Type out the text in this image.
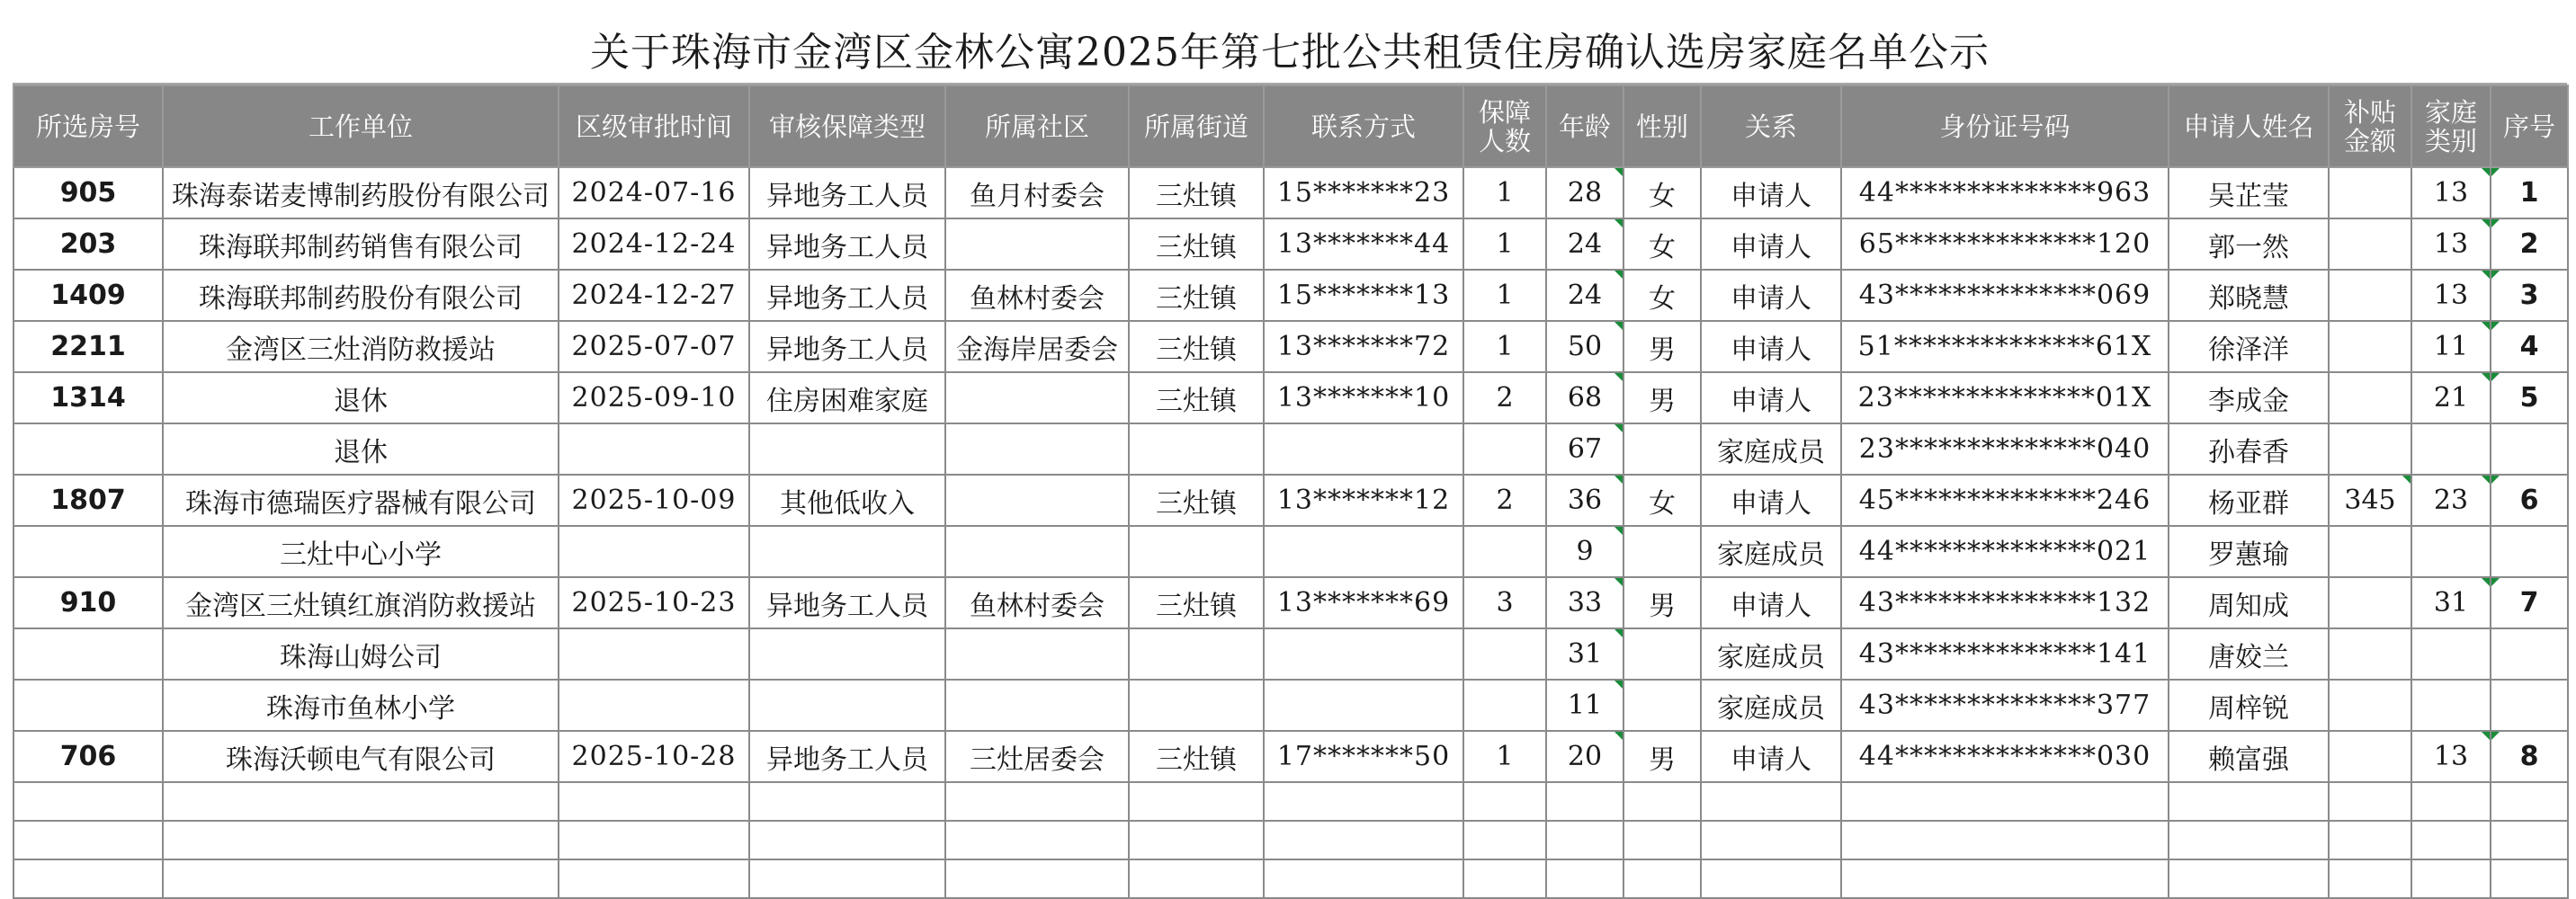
关于珠海市金湾区金林公寓2025年第七批公共租赁住房确认选房家庭名单公示
所选房号	工作单位	区级审批时间	审核保障类型	所属社区	所属街道	联系方式	保障人数	年龄	性别	关系	身份证号码	申请人姓名	补贴金额	家庭类别	序号
905	珠海泰诺麦博制药股份有限公司	2024-07-16	异地务工人员	鱼月村委会	三灶镇	15*******23	1	28	女	申请人	44**************963	吴芷莹		13	1

203	珠海联邦制药销售有限公司	2024-12-24	异地务工人员		三灶镇	13*******44	1	24	女	申请人	65**************120	郭一然		13	2

1409	珠海联邦制药股份有限公司	2024-12-27	异地务工人员	鱼林村委会	三灶镇	15*******13	1	24	女	申请人	43**************069	郑晓慧		13	3

2211	金湾区三灶消防救援站	2025-07-07	异地务工人员	金海岸居委会	三灶镇	13*******72	1	50	男	申请人	51**************61X	徐泽洋		11	4

1314	退休	2025-09-10	住房困难家庭		三灶镇	13*******10	2	68	男	申请人	23**************01X	李成金		21	5

	退休							67		家庭成员	23**************040	孙春香			
1807	珠海市德瑞医疗器械有限公司	2025-10-09	其他低收入		三灶镇	13*******12	2	36	女	申请人	45**************246	杨亚群	345	23	6

	三灶中心小学							9		家庭成员	44**************021	罗蕙瑜			
910	金湾区三灶镇红旗消防救援站	2025-10-23	异地务工人员	鱼林村委会	三灶镇	13*******69	3	33	男	申请人	43**************132	周知成		31	7

	珠海山姆公司							31		家庭成员	43**************141	唐姣兰			
	珠海市鱼林小学							11		家庭成员	43**************377	周梓锐			
706	珠海沃顿电气有限公司	2025-10-28	异地务工人员	三灶居委会	三灶镇	17*******50	1	20	男	申请人	44**************030	赖富强		13	8
